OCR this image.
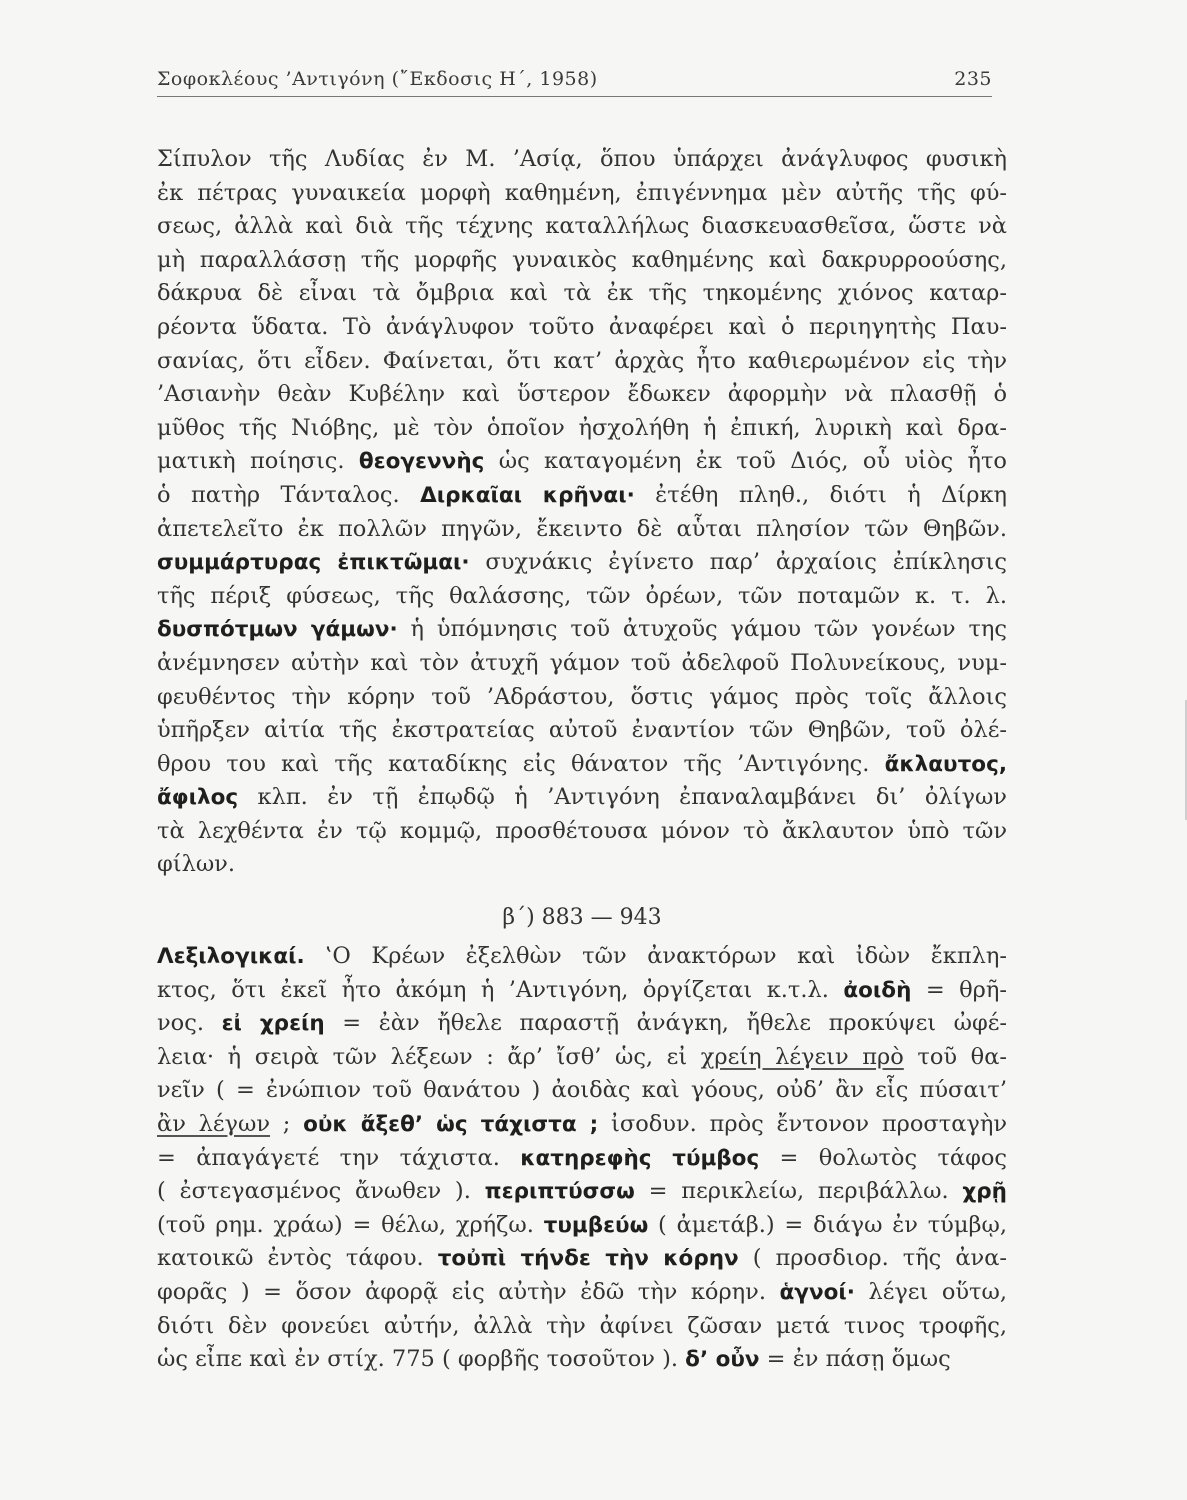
Σοφοκλέους ’Αντιγόνη (῎Εκδοσις Η΄, 1958)	235
Σίπυλον τῆς Λυδίας ἐν Μ. ’Ασίᾳ, ὅπου ὑπάρχει ἀνάγλυφος φυσικὴ
ἐκ πέτρας γυναικεία μορφὴ καθημένη, ἐπιγέννημα μὲν αὐτῆς τῆς φύ-
σεως, ἀλλὰ καὶ διὰ τῆς τέχνης καταλλήλως διασκευασθεῖσα, ὥστε νὰ
μὴ παραλλάσσῃ τῆς μορφῆς γυναικὸς καθημένης καὶ δακρυρροούσης,
δάκρυα δὲ εἶναι τὰ ὄμβρια καὶ τὰ ἐκ τῆς τηκομένης χιόνος καταρ-
ρέοντα ὕδατα. Τὸ ἀνάγλυφον τοῦτο ἀναφέρει καὶ ὁ περιηγητὴς Παυ-
σανίας, ὅτι εἶδεν. Φαίνεται, ὅτι κατ’ ἀρχὰς ἦτο καθιερωμένον εἰς τὴν
’Ασιανὴν θεὰν Κυβέλην καὶ ὕστερον ἔδωκεν ἀφορμὴν νὰ πλασθῇ ὁ
μῦθος τῆς Νιόβης, μὲ τὸν ὁποῖον ἠσχολήθη ἡ ἐπική, λυρικὴ καὶ δρα-
ματικὴ ποίησις. θεογεννὴς ὡς καταγομένη ἐκ τοῦ Διός, οὗ υἱὸς ἦτο
ὁ πατὴρ Τάνταλος. Διρκαῖαι κρῆναι· ἐτέθη πληθ., διότι ἡ Δίρκη
ἀπετελεῖτο ἐκ πολλῶν πηγῶν, ἔκειντο δὲ αὗται πλησίον τῶν Θηβῶν.
συμμάρτυρας ἐπικτῶμαι· συχνάκις ἐγίνετο παρ’ ἀρχαίοις ἐπίκλησις
τῆς πέριξ φύσεως, τῆς θαλάσσης, τῶν ὀρέων, τῶν ποταμῶν κ. τ. λ.
δυσπότμων γάμων· ἡ ὑπόμνησις τοῦ ἀτυχοῦς γάμου τῶν γονέων της
ἀνέμνησεν αὐτὴν καὶ τὸν ἀτυχῆ γάμον τοῦ ἀδελφοῦ Πολυνείκους, νυμ-
φευθέντος τὴν κόρην τοῦ ’Αδράστου, ὅστις γάμος πρὸς τοῖς ἄλλοις
ὑπῆρξεν αἰτία τῆς ἐκστρατείας αὐτοῦ ἐναντίον τῶν Θηβῶν, τοῦ ὀλέ-
θρου του καὶ τῆς καταδίκης εἰς θάνατον τῆς ’Αντιγόνης. ἄκλαυτος,
ἄφιλος κλπ. ἐν τῇ ἐπῳδῷ ἡ ’Αντιγόνη ἐπαναλαμβάνει δι’ ὀλίγων
τὰ λεχθέντα ἐν τῷ κομμῷ, προσθέτουσα μόνον τὸ ἄκλαυτον ὑπὸ τῶν
φίλων.
β΄) 883 — 943
Λεξιλογικαί. ‛Ο Κρέων ἐξελθὼν τῶν ἀνακτόρων καὶ ἰδὼν ἔκπλη-
κτος, ὅτι ἐκεῖ ἦτο ἀκόμη ἡ ’Αντιγόνη, ὀργίζεται κ.τ.λ. ἀοιδὴ = θρῆ-
νος. εἰ χρείη = ἐὰν ἤθελε παραστῇ ἀνάγκη, ἤθελε προκύψει ὠφέ-
λεια· ἡ σειρὰ τῶν λέξεων : ἄρ’ ἴσθ’ ὡς, εἰ χρείη λέγειν πρὸ τοῦ θα-
νεῖν ( = ἐνώπιον τοῦ θανάτου ) ἀοιδὰς καὶ γόους, οὐδ’ ἂν εἷς πύσαιτ’
ἂν λέγων ; οὐκ ἄξεθ’ ὡς τάχιστα ; ἰσοδυν. πρὸς ἔντονον προσταγὴν
= ἀπαγάγετέ την τάχιστα. κατηρεφὴς τύμβος = θολωτὸς τάφος
( ἐστεγασμένος ἄνωθεν ). περιπτύσσω = περικλείω, περιβάλλω. χρῇ
(τοῦ ρημ. χράω) = θέλω, χρήζω. τυμβεύω ( ἀμετάβ.) = διάγω ἐν τύμβῳ,
κατοικῶ ἐντὸς τάφου. τοὐπὶ τήνδε τὴν κόρην ( προσδιορ. τῆς ἀνα-
φορᾶς ) = ὅσον ἀφορᾷ εἰς αὐτὴν ἐδῶ τὴν κόρην. ἁγνοί· λέγει οὕτω,
διότι δὲν φονεύει αὐτήν, ἀλλὰ τὴν ἀφίνει ζῶσαν μετά τινος τροφῆς,
ὡς εἶπε καὶ ἐν στίχ. 775 ( φορβῆς τοσοῦτον ). δ’ οὖν = ἐν πάσῃ ὅμως
